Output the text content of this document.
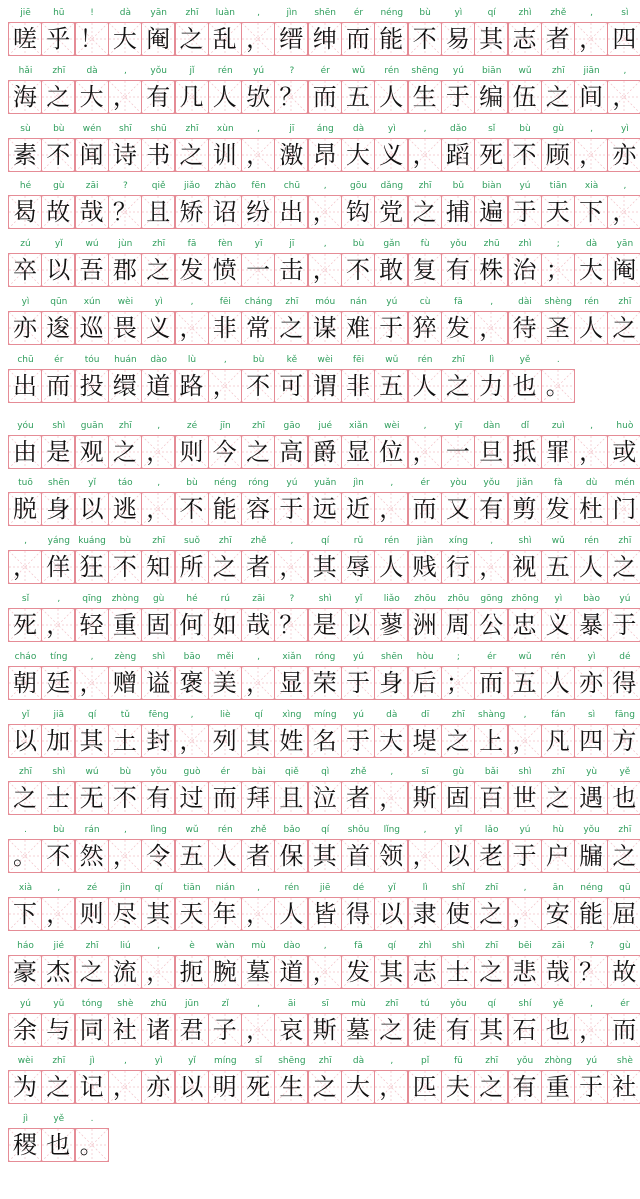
jiē
嗟
hū
乎
!
！
dà
大
yān
阉
zhī
之
luàn
乱
,
，
jìn
缙
shēn
绅
ér
而
néng
能
bù
不
yì
易
qí
其
zhì
志
zhě
者
,
，
sì
四
hǎi
海
zhī
之
dà
大
,
，
yǒu
有
jǐ
几
rén
人
yú
欤
?
？
ér
而
wǔ
五
rén
人
shēng
生
yú
于
biān
编
wǔ
伍
zhī
之
jiān
间
,
，
sù
素
bù
不
wén
闻
shī
诗
shū
书
zhī
之
xùn
训
,
，
jī
激
áng
昂
dà
大
yì
义
,
，
dǎo
蹈
sǐ
死
bù
不
gù
顾
,
，
yì
亦
hé
曷
gù
故
zāi
哉
?
？
qiě
且
jiǎo
矫
zhào
诏
fēn
纷
chū
出
,
，
gōu
钩
dǎng
党
zhī
之
bǔ
捕
biàn
遍
yú
于
tiān
天
xià
下
,
，
zú
卒
yǐ
以
wú
吾
jùn
郡
zhī
之
fā
发
fèn
愤
yī
一
jī
击
,
，
bù
不
gǎn
敢
fù
复
yǒu
有
zhū
株
zhì
治
;
；
dà
大
yān
阉
yì
亦
qūn
逡
xún
巡
wèi
畏
yì
义
,
，
fēi
非
cháng
常
zhī
之
móu
谋
nán
难
yú
于
cù
猝
fā
发
,
，
dài
待
shèng
圣
rén
人
zhī
之
chū
出
ér
而
tóu
投
huán
缳
dào
道
lù
路
,
，
bù
不
kě
可
wèi
谓
fēi
非
wǔ
五
rén
人
zhī
之
lì
力
yě
也
.
。
yóu
由
shì
是
guān
观
zhī
之
,
，
zé
则
jīn
今
zhī
之
gāo
高
jué
爵
xiǎn
显
wèi
位
,
，
yī
一
dàn
旦
dǐ
抵
zuì
罪
,
，
huò
或
tuō
脱
shēn
身
yǐ
以
táo
逃
,
，
bù
不
néng
能
róng
容
yú
于
yuǎn
远
jìn
近
,
，
ér
而
yòu
又
yǒu
有
jiǎn
剪
fà
发
dù
杜
mén
门
,
，
yáng
佯
kuáng
狂
bù
不
zhī
知
suǒ
所
zhī
之
zhě
者
,
，
qí
其
rǔ
辱
rén
人
jiàn
贱
xíng
行
,
，
shì
视
wǔ
五
rén
人
zhī
之
sǐ
死
,
，
qīng
轻
zhòng
重
gù
固
hé
何
rú
如
zāi
哉
?
？
shì
是
yǐ
以
liǎo
蓼
zhōu
洲
zhōu
周
gōng
公
zhōng
忠
yì
义
bào
暴
yú
于
cháo
朝
tíng
廷
,
，
zèng
赠
shì
谥
bāo
褒
měi
美
,
，
xiǎn
显
róng
荣
yú
于
shēn
身
hòu
后
;
；
ér
而
wǔ
五
rén
人
yì
亦
dé
得
yǐ
以
jiā
加
qí
其
tǔ
土
fēng
封
,
，
liè
列
qí
其
xìng
姓
míng
名
yú
于
dà
大
dī
堤
zhī
之
shàng
上
,
，
fán
凡
sì
四
fāng
方
zhī
之
shì
士
wú
无
bù
不
yǒu
有
guò
过
ér
而
bài
拜
qiě
且
qì
泣
zhě
者
,
，
sī
斯
gù
固
bǎi
百
shì
世
zhī
之
yù
遇
yě
也
.
。
bù
不
rán
然
,
，
lìng
令
wǔ
五
rén
人
zhě
者
bǎo
保
qí
其
shǒu
首
lǐng
领
,
，
yǐ
以
lǎo
老
yú
于
hù
户
yǒu
牖
zhī
之
xià
下
,
，
zé
则
jìn
尽
qí
其
tiān
天
nián
年
,
，
rén
人
jiē
皆
dé
得
yǐ
以
lì
隶
shǐ
使
zhī
之
,
，
ān
安
néng
能
qū
屈
háo
豪
jié
杰
zhī
之
liú
流
,
，
è
扼
wàn
腕
mù
墓
dào
道
,
，
fā
发
qí
其
zhì
志
shì
士
zhī
之
bēi
悲
zāi
哉
?
？
gù
故
yú
余
yǔ
与
tóng
同
shè
社
zhū
诸
jūn
君
zǐ
子
,
，
āi
哀
sī
斯
mù
墓
zhī
之
tú
徒
yǒu
有
qí
其
shí
石
yě
也
,
，
ér
而
wèi
为
zhī
之
jì
记
,
，
yì
亦
yǐ
以
míng
明
sǐ
死
shēng
生
zhī
之
dà
大
,
，
pǐ
匹
fū
夫
zhī
之
yǒu
有
zhòng
重
yú
于
shè
社
jì
稷
yě
也
.
。
